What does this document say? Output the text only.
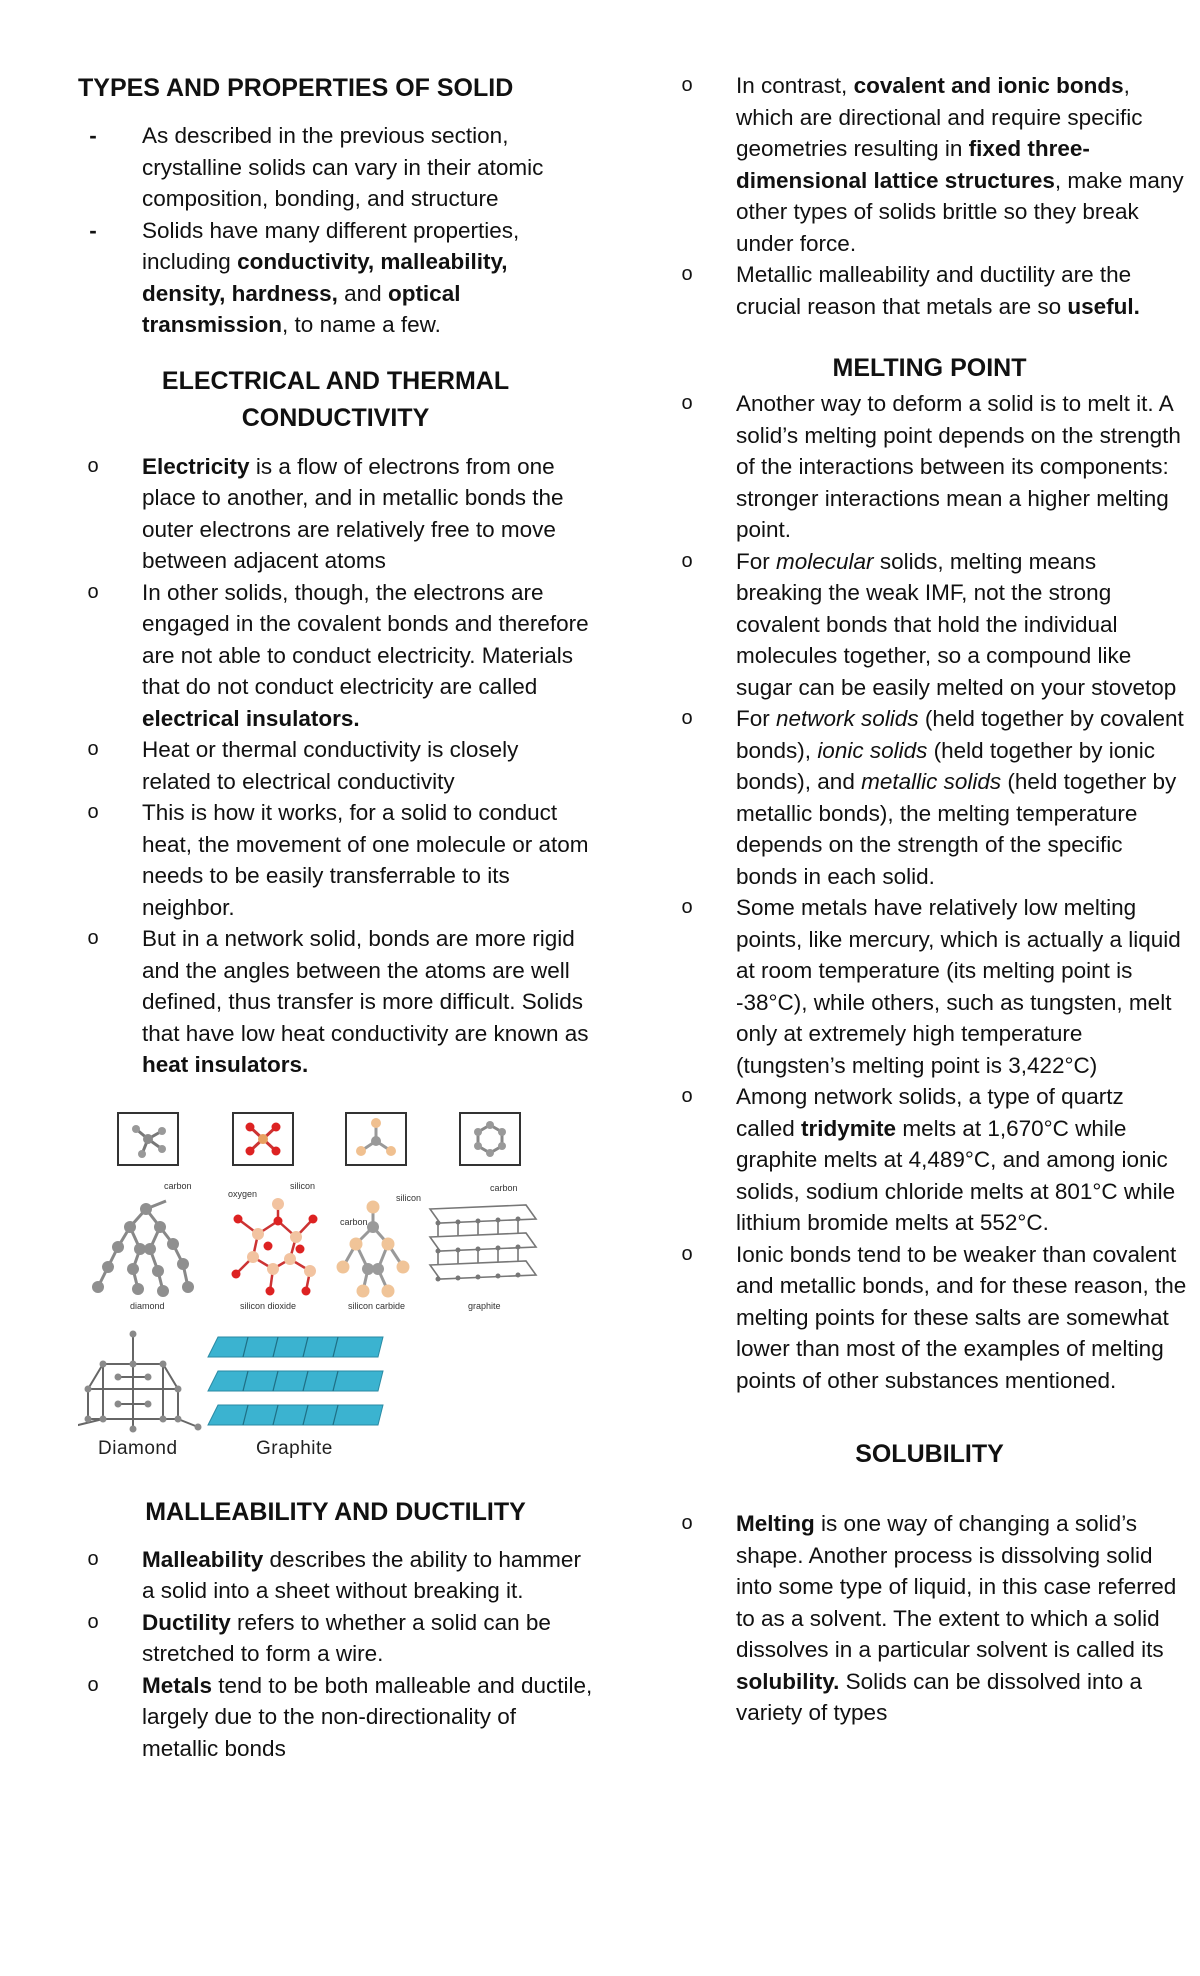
TYPES AND PROPERTIES OF SOLID
-	As described in the previous section, crystalline solids can vary in their atomic composition, bonding, and structure
-	Solids have many different properties, including conductivity, malleability, density, hardness, and optical transmission, to name a few.
ELECTRICAL AND THERMAL CONDUCTIVITY
o	Electricity is a flow of electrons from one place to another, and in metallic bonds the outer electrons are relatively free to move between adjacent atoms
o	In other solids, though, the electrons are engaged in the covalent bonds and therefore are not able to conduct electricity. Materials that do not conduct electricity are called electrical insulators.
o	Heat or thermal conductivity is closely related to electrical conductivity
o	This is how it works, for a solid to conduct heat, the movement of one molecule or atom needs to be easily transferrable to its neighbor.
o	But in a network solid, bonds are more rigid and the angles between the atoms are well defined, thus transfer is more difficult. Solids that have low heat conductivity are known as heat insulators.
carbon
oxygen
silicon
carbon
silicon
carbon
diamond	silicon dioxide	silicon carbide	graphite
Diamond	Graphite
MALLEABILITY AND DUCTILITY
o	Malleability describes the ability to hammer a solid into a sheet without breaking it.
o	Ductility refers to whether a solid can be stretched to form a wire.
o	Metals tend to be both malleable and ductile, largely due to the non-directionality of metallic bonds
o	In contrast, covalent and ionic bonds, which are directional and require specific geometries resulting in fixed three-dimensional lattice structures, make many other types of solids brittle so they break under force.
o	Metallic malleability and ductility are the crucial reason that metals are so useful.
MELTING POINT
o	Another way to deform a solid is to melt it. A solid’s melting point depends on the strength of the interactions between its components: stronger interactions mean a higher melting point.
o	For molecular solids, melting means breaking the weak IMF, not the strong covalent bonds that hold the individual molecules together, so a compound like sugar can be easily melted on your stovetop
o	For network solids (held together by covalent bonds), ionic solids (held together by ionic bonds), and metallic solids (held together by metallic bonds), the melting temperature depends on the strength of the specific bonds in each solid.
o	Some metals have relatively low melting points, like mercury, which is actually a liquid at room temperature (its melting point is -38°C), while others, such as tungsten, melt only at extremely high temperature (tungsten’s melting point is 3,422°C)
o	Among network solids, a type of quartz called tridymite melts at 1,670°C while graphite melts at 4,489°C, and among ionic solids, sodium chloride melts at 801°C while lithium bromide melts at 552°C.
o	Ionic bonds tend to be weaker than covalent and metallic bonds, and for these reason, the melting points for these salts are somewhat lower than most of the examples of melting points of other substances mentioned.
SOLUBILITY
o	Melting is one way of changing a solid’s shape. Another process is dissolving solid into some type of liquid, in this case referred to as a solvent. The extent to which a solid dissolves in a particular solvent is called its solubility. Solids can be dissolved into a variety of types
